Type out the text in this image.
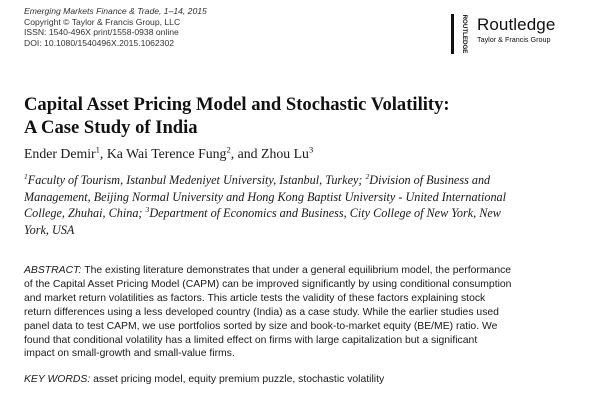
Emerging Markets Finance & Trade, 1–14, 2015
Copyright © Taylor & Francis Group, LLC
ISSN: 1540-496X print/1558-0938 online
DOI: 10.1080/1540496X.2015.1062302	ROUTLEDGE Routledge
Taylor & Francis Group
Capital Asset Pricing Model and Stochastic Volatility:
A Case Study of India
Ender Demir$^1$, Ka Wai Terence Fung$^2$, and Zhou Lu$^3$
$^1$Faculty of Tourism, Istanbul Medeniyet University, Istanbul, Turkey; $^2$Division of Business and
Management, Beijing Normal University and Hong Kong Baptist University - United International
College, Zhuhai, China; $^3$Department of Economics and Business, City College of New York, New
York, USA
ABSTRACT: The existing literature demonstrates that under a general equilibrium model, the performance
of the Capital Asset Pricing Model (CAPM) can be improved significantly by using conditional consumption
and market return volatilities as factors. This article tests the validity of these factors explaining stock
return differences using a less developed country (India) as a case study. While the earlier studies used
panel data to test CAPM, we use portfolios sorted by size and book-to-market equity (BE/ME) ratio. We
found that conditional volatility has a limited effect on firms with large capitalization but a significant
impact on small-growth and small-value firms.
KEY WORDS: asset pricing model, equity premium puzzle, stochastic volatility
